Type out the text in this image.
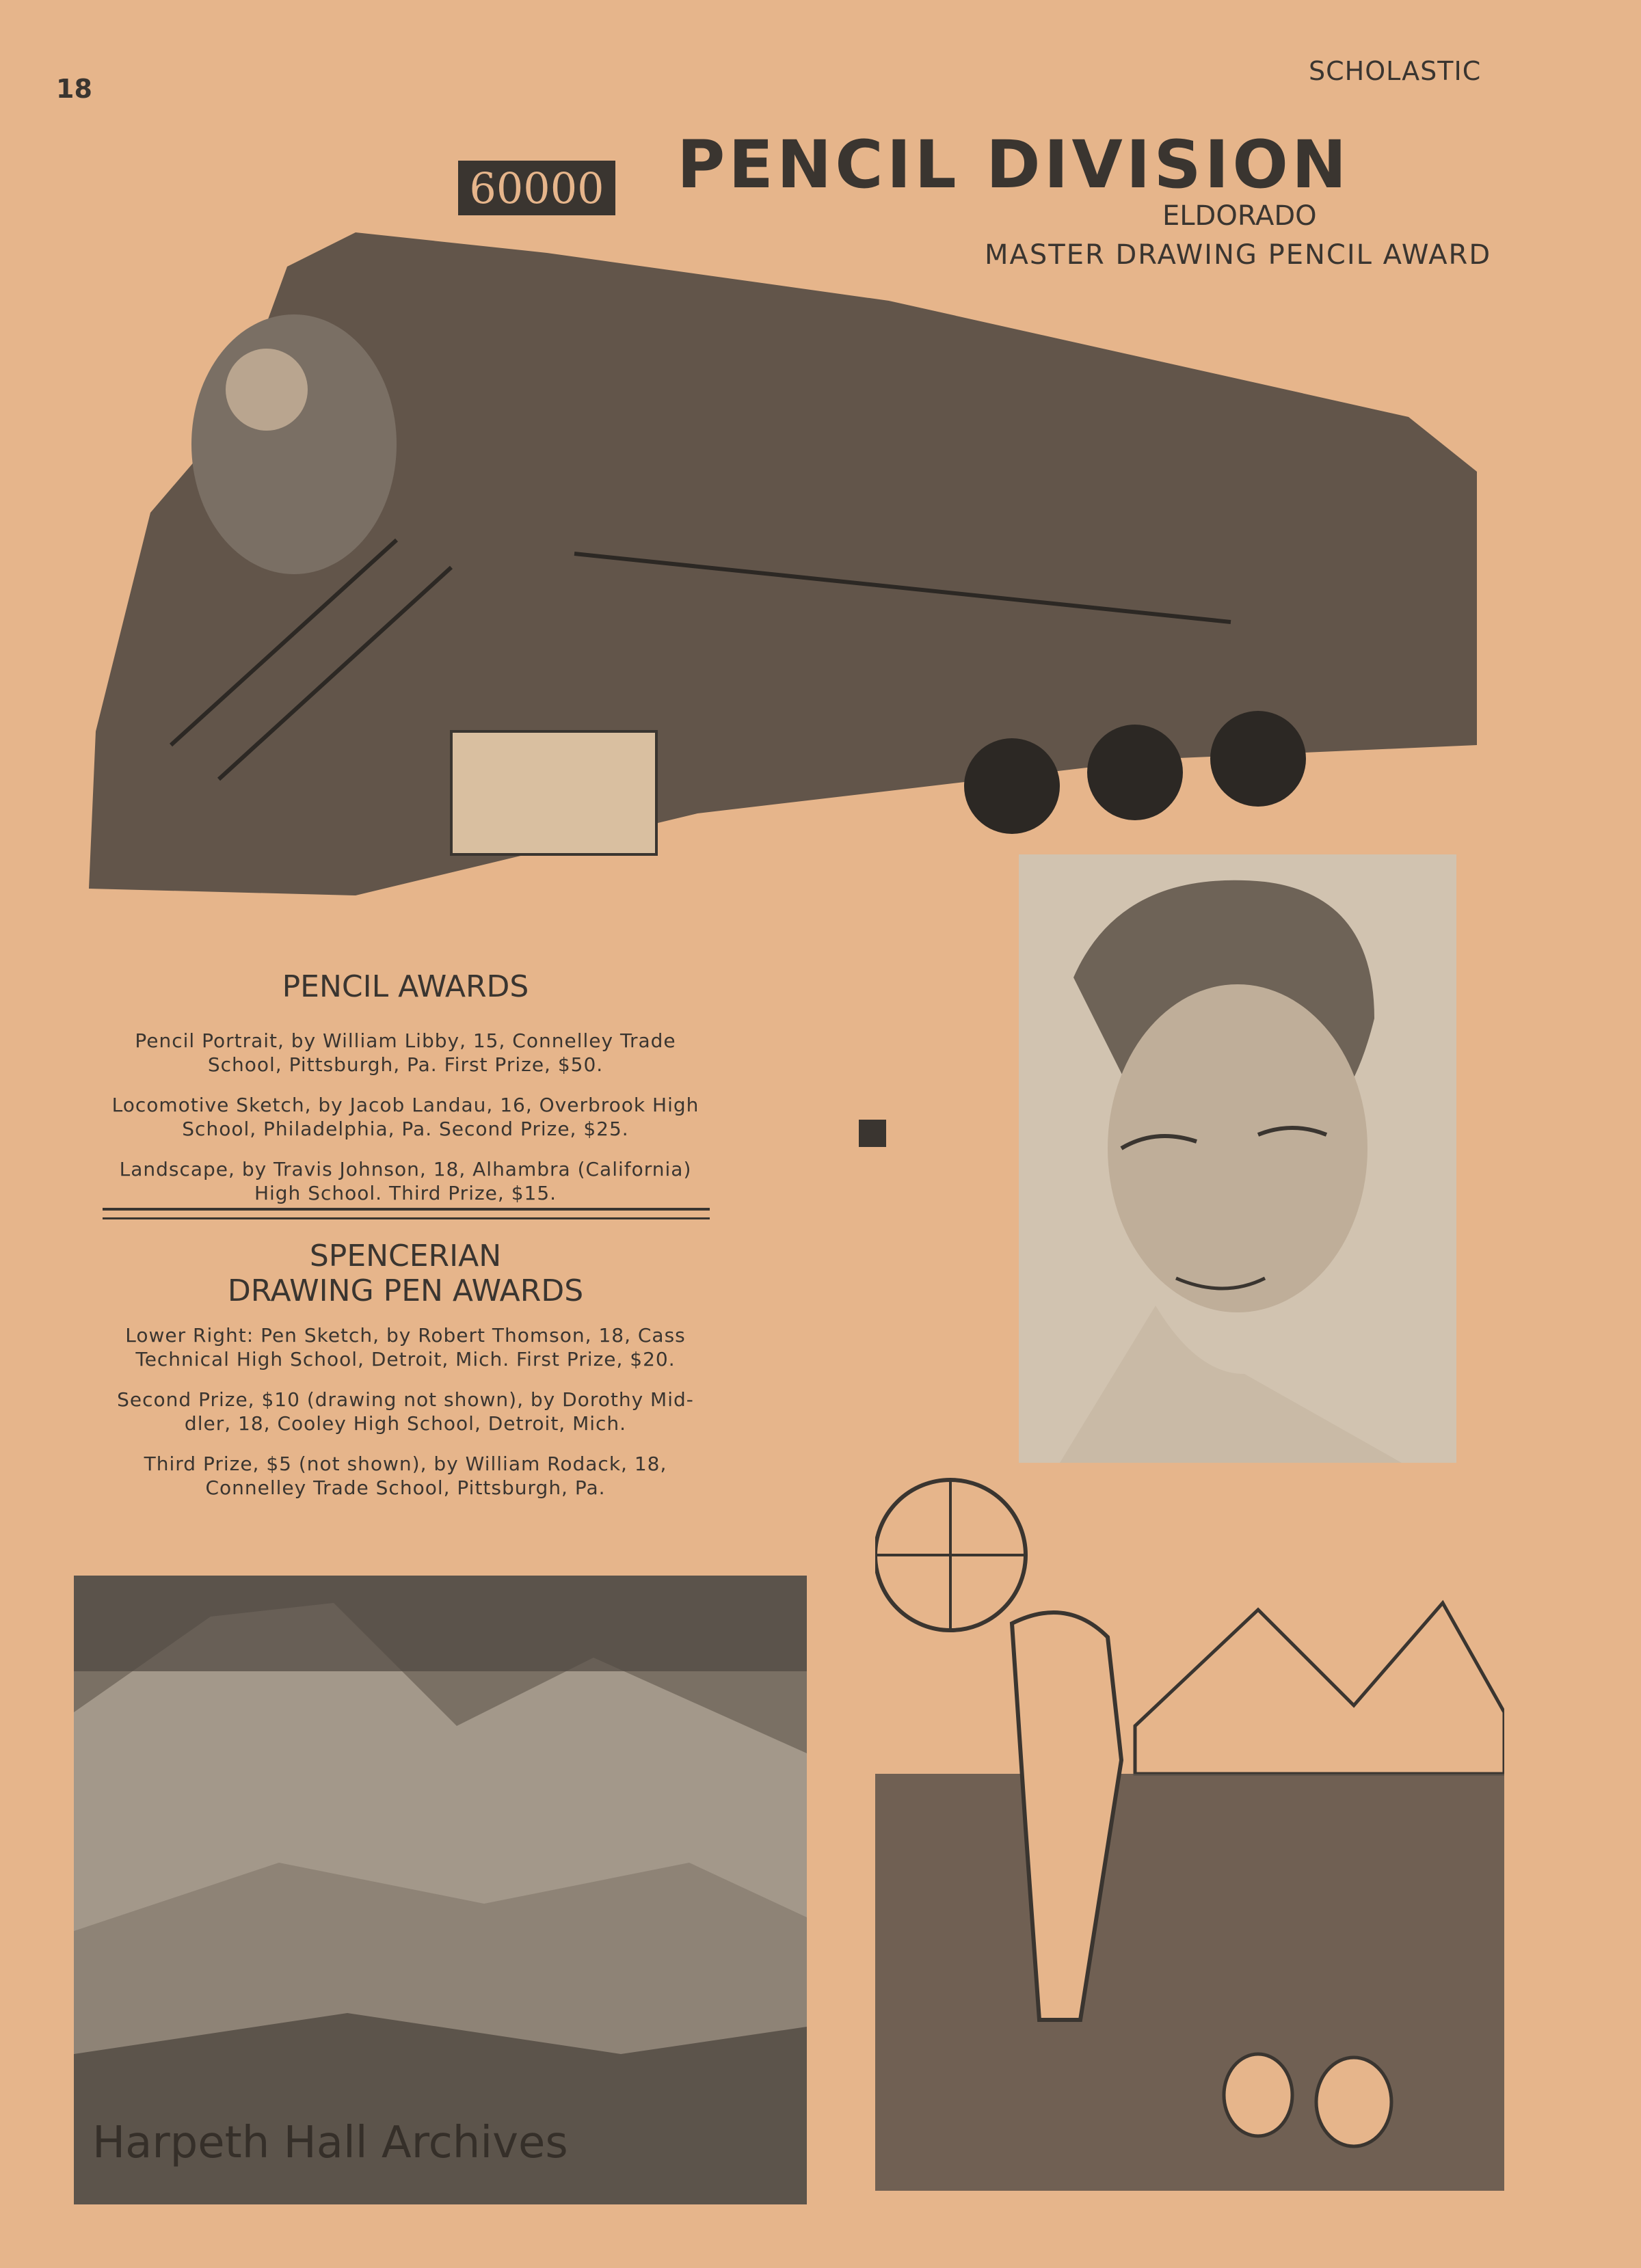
18
SCHOLASTIC
PENCIL DIVISION
ELDORADO
MASTER DRAWING PENCIL AWARD
60000
PENCIL AWARDS
Pencil Portrait, by William Libby, 15, Connelley Trade
School, Pittsburgh, Pa. First Prize, $50.
Locomotive Sketch, by Jacob Landau, 16, Overbrook High
School, Philadelphia, Pa. Second Prize, $25.
Landscape, by Travis Johnson, 18, Alhambra (California)
High School. Third Prize, $15.
SPENCERIAN
DRAWING PEN AWARDS
Lower Right: Pen Sketch, by Robert Thomson, 18, Cass
Technical High School, Detroit, Mich. First Prize, $20.
Second Prize, $10 (drawing not shown), by Dorothy Mid-
dler, 18, Cooley High School, Detroit, Mich.
Third Prize, $5 (not shown), by William Rodack, 18,
Connelley Trade School, Pittsburgh, Pa.
Harpeth Hall Archives
